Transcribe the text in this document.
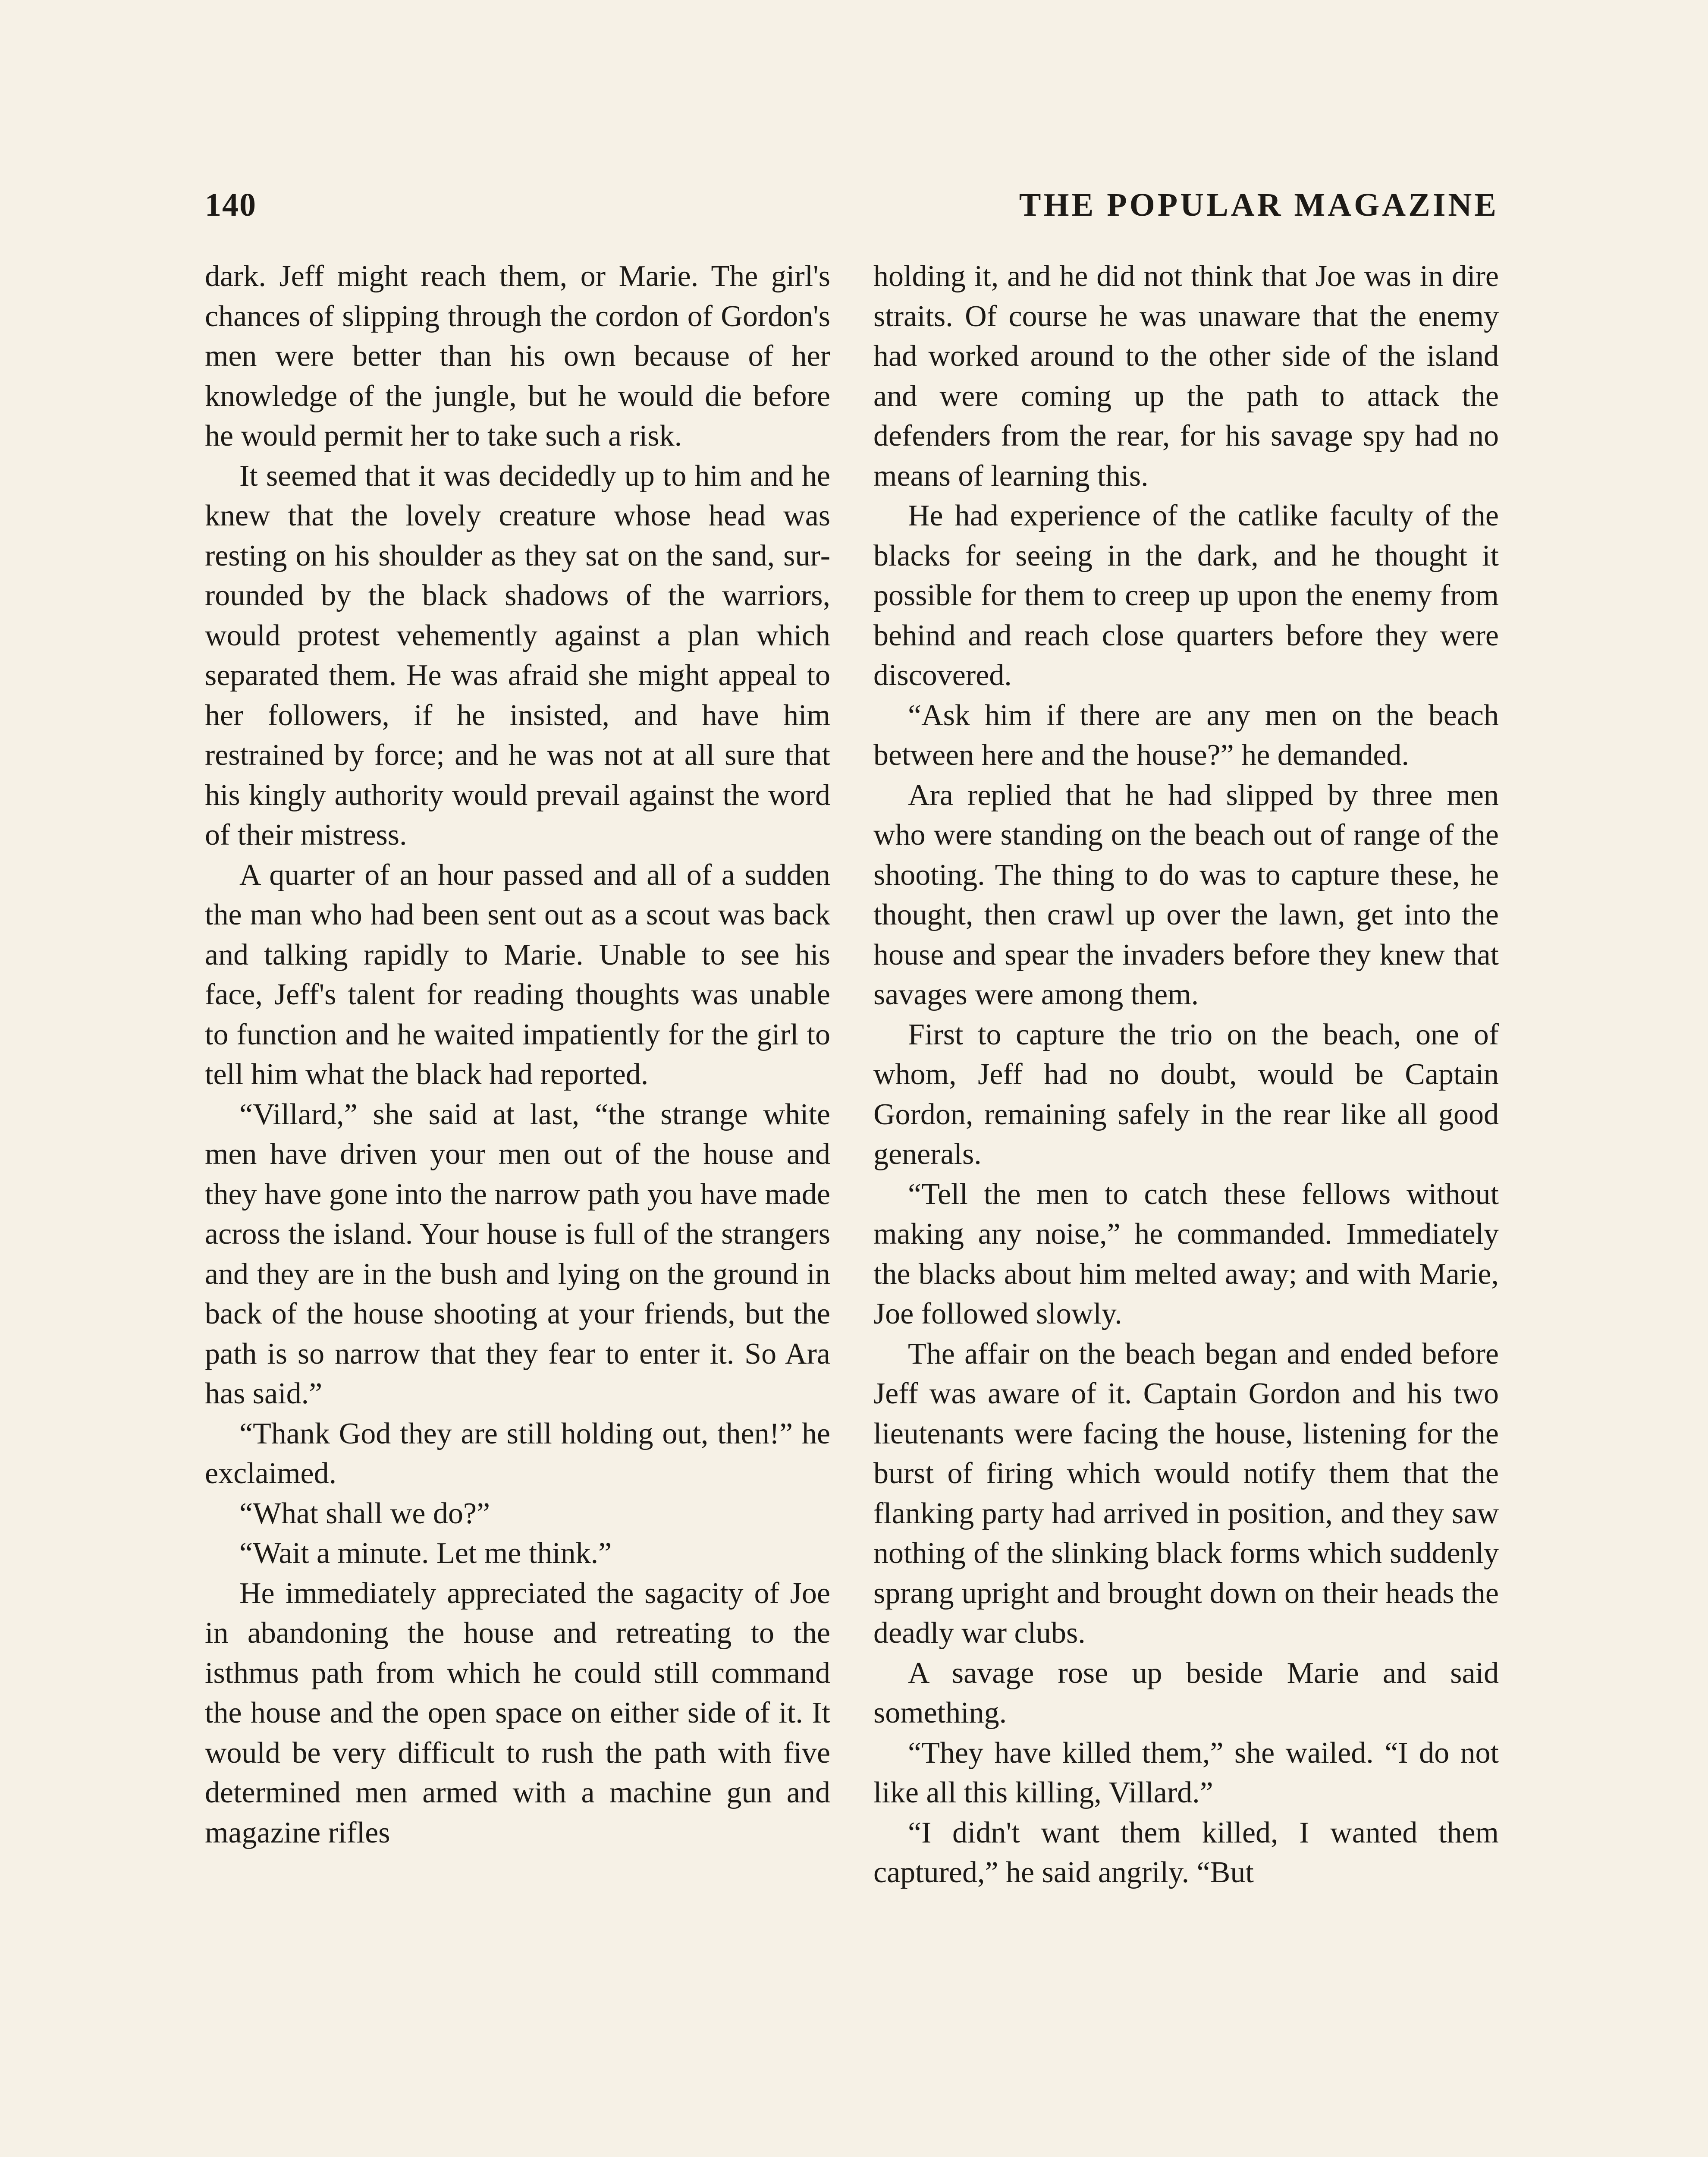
140	THE POPULAR MAGAZINE

dark. Jeff might reach them, or Marie. The girl's chances of slipping through the cordon of Gordon's men were better than his own because of her knowledge of the jungle, but he would die before he would permit her to take such a risk.

It seemed that it was decidedly up to him and he knew that the lovely creature whose head was resting on his shoulder as they sat on the sand, surrounded by the black shadows of the warriors, would protest vehemently against a plan which separated them. He was afraid she might appeal to her followers, if he insisted, and have him restrained by force; and he was not at all sure that his kingly authority would prevail against the word of their mistress.

A quarter of an hour passed and all of a sudden the man who had been sent out as a scout was back and talking rapidly to Marie. Unable to see his face, Jeff's talent for reading thoughts was unable to function and he waited impatiently for the girl to tell him what the black had reported.

“Villard,” she said at last, “the strange white men have driven your men out of the house and they have gone into the narrow path you have made across the island. Your house is full of the strangers and they are in the bush and lying on the ground in back of the house shooting at your friends, but the path is so narrow that they fear to enter it. So Ara has said.”

“Thank God they are still holding out, then!” he exclaimed.

“What shall we do?”

“Wait a minute. Let me think.”

He immediately appreciated the sagacity of Joe in abandoning the house and retreating to the isthmus path from which he could still command the house and the open space on either side of it. It would be very difficult to rush the path with five determined men armed with a machine gun and magazine rifles

holding it, and he did not think that Joe was in dire straits. Of course he was unaware that the enemy had worked around to the other side of the island and were coming up the path to attack the defenders from the rear, for his savage spy had no means of learning this.

He had experience of the catlike faculty of the blacks for seeing in the dark, and he thought it possible for them to creep up upon the enemy from behind and reach close quarters before they were discovered.

“Ask him if there are any men on the beach between here and the house?” he demanded.

Ara replied that he had slipped by three men who were standing on the beach out of range of the shooting. The thing to do was to capture these, he thought, then crawl up over the lawn, get into the house and spear the invaders before they knew that savages were among them.

First to capture the trio on the beach, one of whom, Jeff had no doubt, would be Captain Gordon, remaining safely in the rear like all good generals.

“Tell the men to catch these fellows without making any noise,” he commanded. Immediately the blacks about him melted away; and with Marie, Joe followed slowly.

The affair on the beach began and ended before Jeff was aware of it. Captain Gordon and his two lieutenants were facing the house, listening for the burst of firing which would notify them that the flanking party had arrived in position, and they saw nothing of the slinking black forms which suddenly sprang upright and brought down on their heads the deadly war clubs.

A savage rose up beside Marie and said something.

“They have killed them,” she wailed. “I do not like all this killing, Villard.”

“I didn't want them killed, I wanted them captured,” he said angrily. “But
